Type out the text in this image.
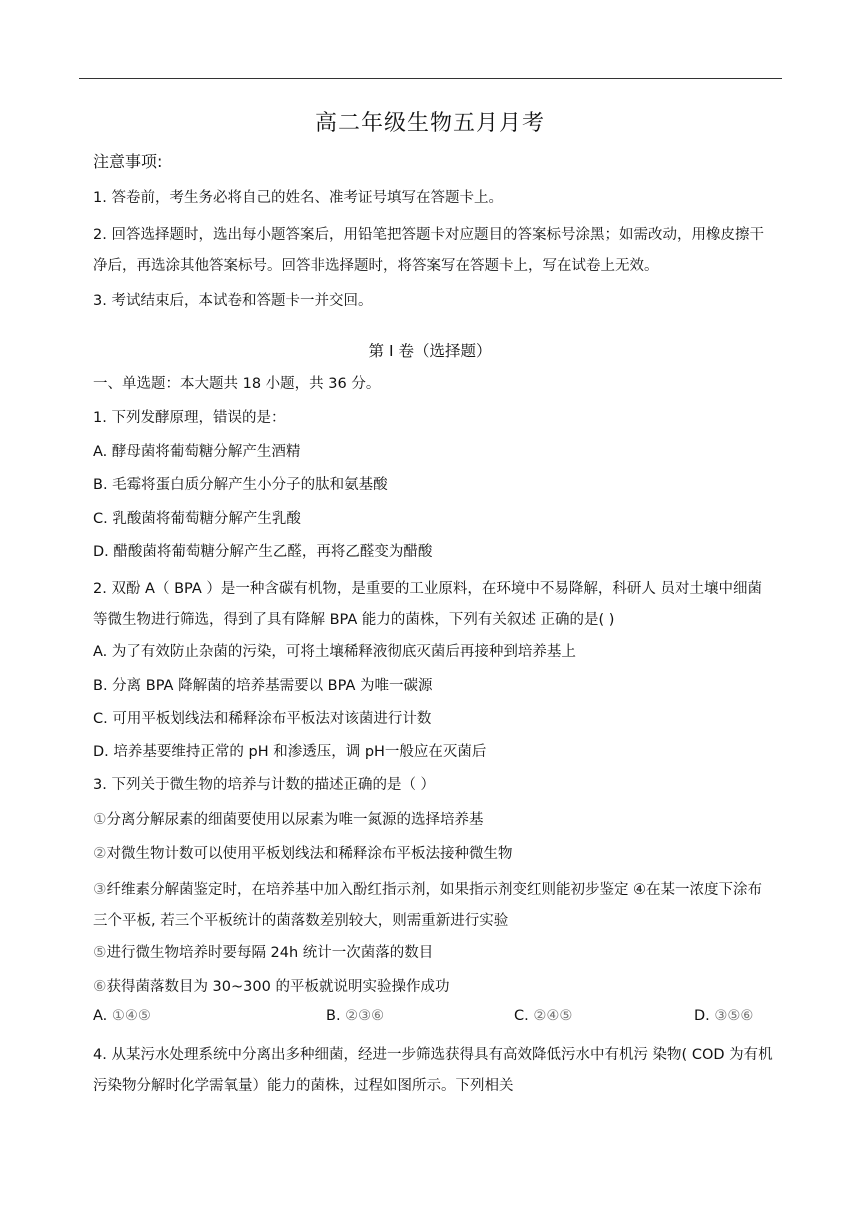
高二年级生物五月月考
注意事项:
1. 答卷前，考生务必将自己的姓名、准考证号填写在答题卡上。
2. 回答选择题时，选出每小题答案后，用铅笔把答题卡对应题目的答案标号涂黑；如需改动，用橡皮擦干净后，再选涂其他答案标号。回答非选择题时，将答案写在答题卡上，写在试卷上无效。
3. 考试结束后，本试卷和答题卡一并交回。
第 I 卷（选择题）
一、单选题：本大题共 18 小题，共 36 分。
1. 下列发酵原理，错误的是：
A. 酵母菌将葡萄糖分解产生酒精
B. 毛霉将蛋白质分解产生小分子的肽和氨基酸
C. 乳酸菌将葡萄糖分解产生乳酸
D. 醋酸菌将葡萄糖分解产生乙醛，再将乙醛变为醋酸
2. 双酚 A（ BPA ）是一种含碳有机物，是重要的工业原料，在环境中不易降解，科研人 员对土壤中细菌等微生物进行筛选，得到了具有降解 BPA 能力的菌株，下列有关叙述 正确的是( )
A. 为了有效防止杂菌的污染，可将土壤稀释液彻底灭菌后再接种到培养基上
B. 分离 BPA 降解菌的培养基需要以 BPA 为唯一碳源
C. 可用平板划线法和稀释涂布平板法对该菌进行计数
D. 培养基要维持正常的 pH 和渗透压，调 pH一般应在灭菌后
3. 下列关于微生物的培养与计数的描述正确的是（ ）
①分离分解尿素的细菌要使用以尿素为唯一氮源的选择培养基
②对微生物计数可以使用平板划线法和稀释涂布平板法接种微生物
③纤维素分解菌鉴定时，在培养基中加入酚红指示剂，如果指示剂变红则能初步鉴定 ④在某一浓度下涂布三个平板, 若三个平板统计的菌落数差别较大，则需重新进行实验
⑤进行微生物培养时要每隔 24h 统计一次菌落的数目
⑥获得菌落数目为 30~300 的平板就说明实验操作成功
A. ①④⑤	B. ②③⑥	C. ②④⑤	D. ③⑤⑥
4. 从某污水处理系统中分离出多种细菌，经进一步筛选获得具有高效降低污水中有机污 染物( COD 为有机污染物分解时化学需氧量）能力的菌株，过程如图所示。下列相关
